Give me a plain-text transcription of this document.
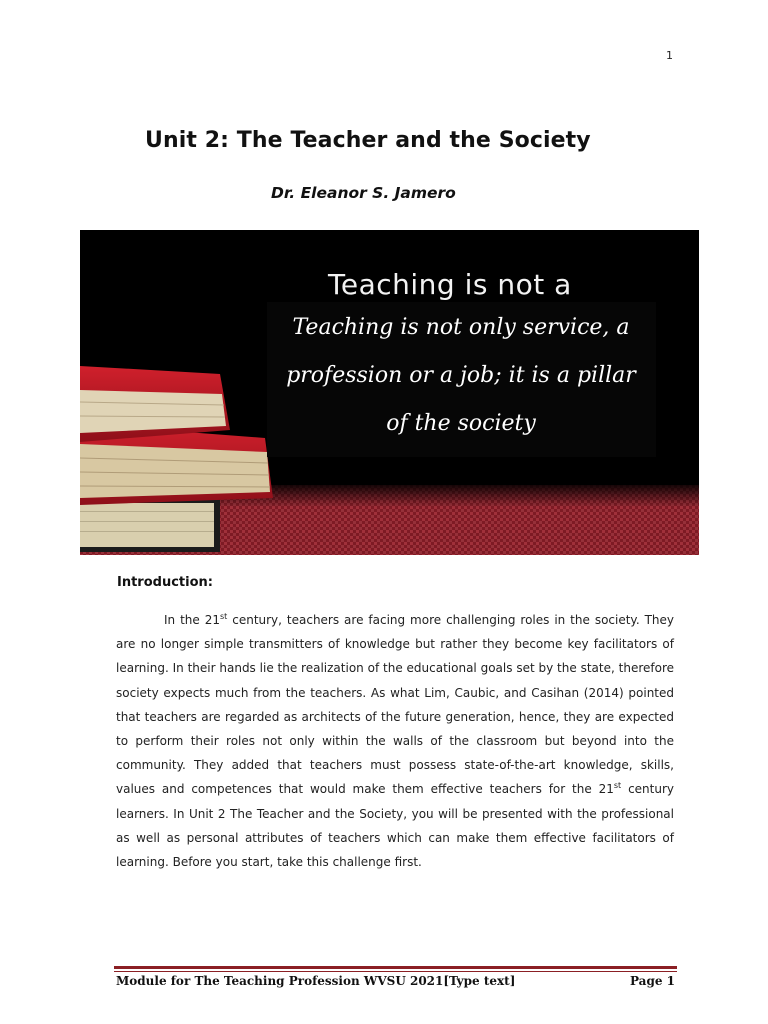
1
Unit 2: The Teacher and the Society
Dr. Eleanor S. Jamero
Teaching is not a
Teaching is not only service, a profession or a job; it is a pillar of the society
Introduction:

In the 21st century, teachers are facing more challenging roles in the society. They are no longer simple transmitters of knowledge but rather they become key facilitators of learning. In their hands lie the realization of the educational goals set by the state, therefore society expects much from the teachers. As what Lim, Caubic, and Casihan (2014) pointed that teachers are regarded as architects of the future generation, hence, they are expected to perform their roles not only within the walls of the classroom but beyond into the community. They added that teachers must possess state-of-the-art knowledge, skills, values and competences that would make them effective teachers for the 21st century learners. In Unit 2 The Teacher and the Society, you will be presented with the professional as well as personal attributes of teachers which can make them effective facilitators of learning. Before you start, take this challenge first.

Module for The Teaching Profession WVSU 2021[Type text]	Page 1
